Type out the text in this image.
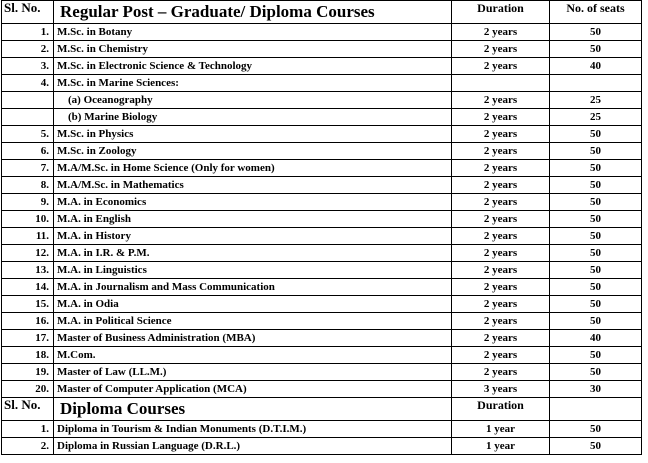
Sl. No.	Regular Post – Graduate/ Diploma Courses	Duration	No. of seats
1.	M.Sc. in Botany	2 years	50
2.	M.Sc. in Chemistry	2 years	50
3.	M.Sc. in Electronic Science & Technology	2 years	40
4.	M.Sc. in Marine Sciences:		
	(a) Oceanography	2 years	25
	(b) Marine Biology	2 years	25
5.	M.Sc. in Physics	2 years	50
6.	M.Sc. in Zoology	2 years	50
7.	M.A/M.Sc. in Home Science (Only for women)	2 years	50
8.	M.A/M.Sc. in Mathematics	2 years	50
9.	M.A. in Economics	2 years	50
10.	M.A. in English	2 years	50
11.	M.A. in History	2 years	50
12.	M.A. in I.R. & P.M.	2 years	50
13.	M.A. in Linguistics	2 years	50
14.	M.A. in Journalism and Mass Communication	2 years	50
15.	M.A. in Odia	2 years	50
16.	M.A. in Political Science	2 years	50
17.	Master of Business Administration (MBA)	2 years	40
18.	M.Com.	2 years	50
19.	Master of Law (LL.M.)	2 years	50
20.	Master of Computer Application (MCA)	3 years	30
Sl. No.	Diploma Courses	Duration	
1.	Diploma in Tourism & Indian Monuments (D.T.I.M.)	1 year	50
2.	Diploma in Russian Language (D.R.L.)	1 year	50
